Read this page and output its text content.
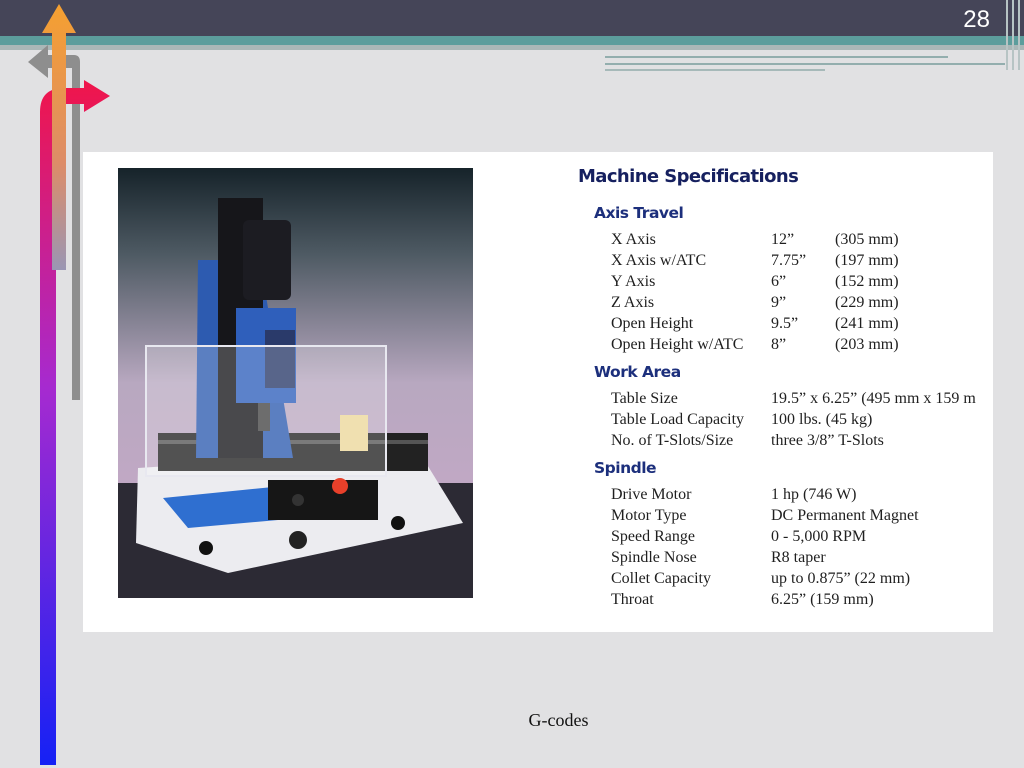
28
Machine Specifications
Axis Travel
X Axis	12”	(305 mm)
X Axis w/ATC	7.75” (197 mm)
Y Axis	6”	(152 mm)
Z Axis	9”	(229 mm)
Open Height	9.5” (241 mm)
Open Height w/ATC 8”	(203 mm)
Work Area
Table Size	19.5” x 6.25” (495 mm x 159 m
Table Load Capacity 100 lbs. (45 kg)
No. of T-Slots/Size three 3/8” T-Slots
Spindle
Drive Motor	1 hp (746 W)
Motor Type	DC Permanent Magnet
Speed Range	0 - 5,000 RPM
Spindle Nose	R8 taper
Collet Capacity	up to 0.875” (22 mm)
Throat	6.25” (159 mm)
G-codes
